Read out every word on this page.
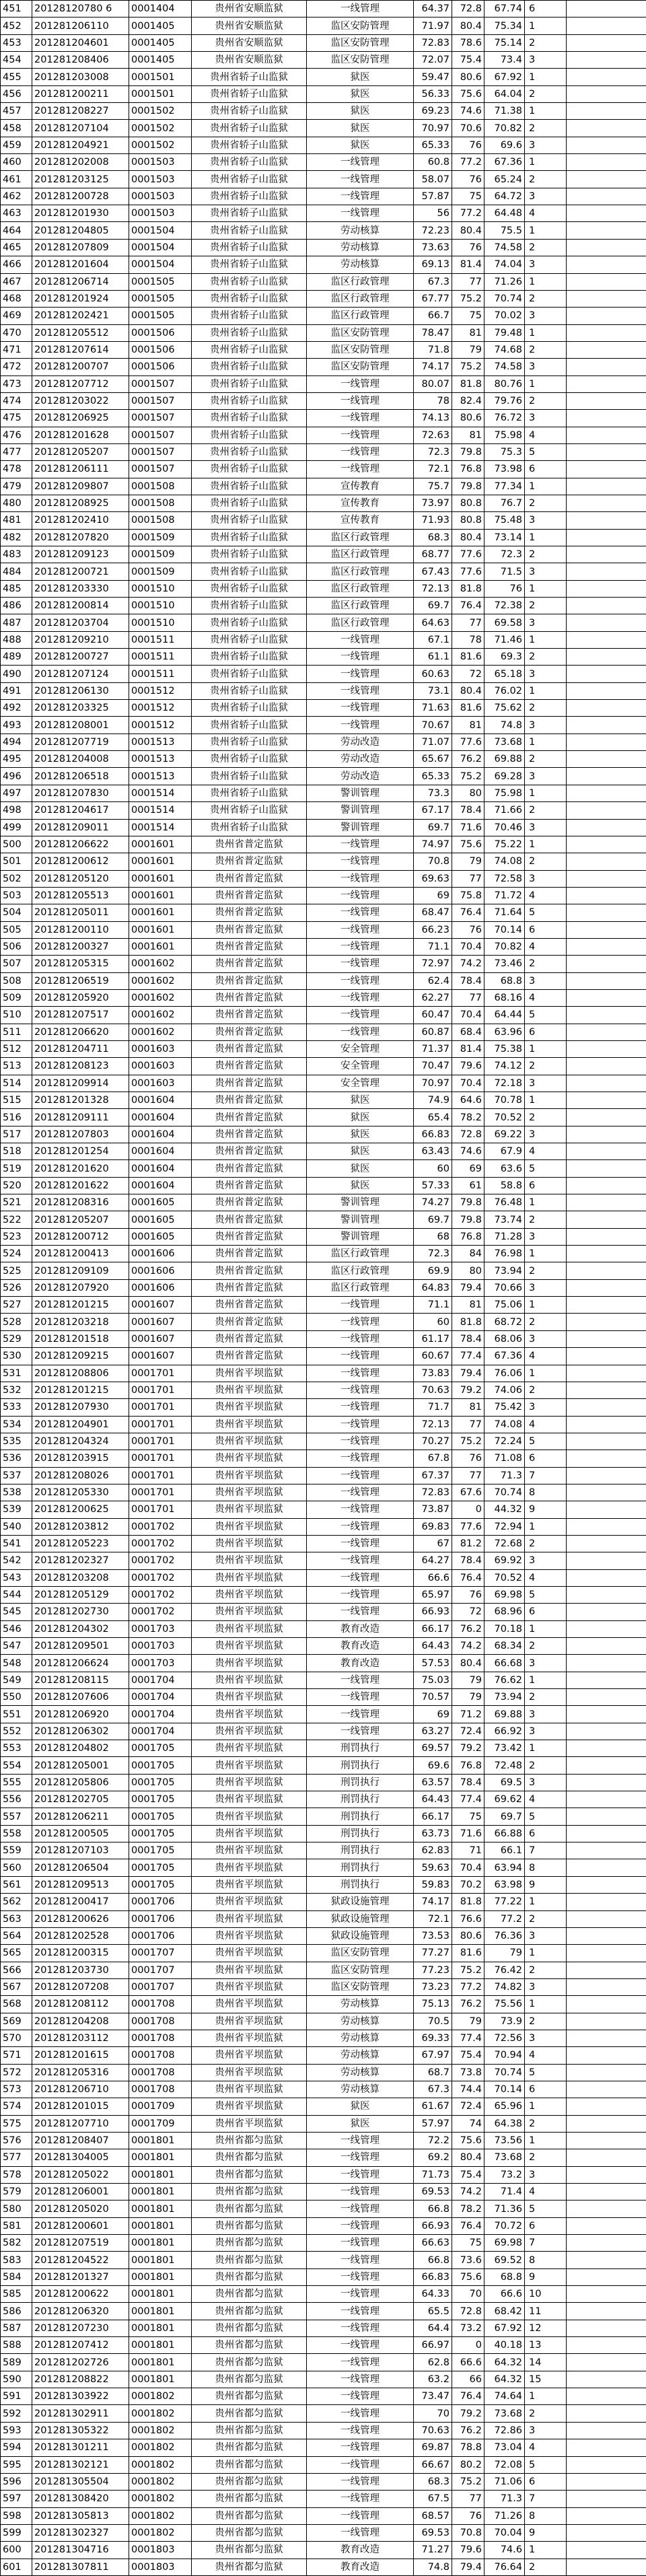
451	20128120780 6	0001404	贵州省安顺监狱	一线管理	64.37	72.8	67.74	6	
452	201281206110	0001405	贵州省安顺监狱	监区安防管理	71.97	80.4	75.34	1	
453	201281204601	0001405	贵州省安顺监狱	监区安防管理	72.83	78.6	75.14	2	
454	201281208406	0001405	贵州省安顺监狱	监区安防管理	72.07	75.4	73.4	3	
455	201281203008	0001501	贵州省轿子山监狱	狱医	59.47	80.6	67.92	1	
456	201281200211	0001501	贵州省轿子山监狱	狱医	56.33	75.6	64.04	2	
457	201281208227	0001502	贵州省轿子山监狱	狱医	69.23	74.6	71.38	1	
458	201281207104	0001502	贵州省轿子山监狱	狱医	70.97	70.6	70.82	2	
459	201281204921	0001502	贵州省轿子山监狱	狱医	65.33	76	69.6	3	
460	201281202008	0001503	贵州省轿子山监狱	一线管理	60.8	77.2	67.36	1	
461	201281203125	0001503	贵州省轿子山监狱	一线管理	58.07	76	65.24	2	
462	201281200728	0001503	贵州省轿子山监狱	一线管理	57.87	75	64.72	3	
463	201281201930	0001503	贵州省轿子山监狱	一线管理	56	77.2	64.48	4	
464	201281204805	0001504	贵州省轿子山监狱	劳动核算	72.23	80.4	75.5	1	
465	201281207809	0001504	贵州省轿子山监狱	劳动核算	73.63	76	74.58	2	
466	201281201604	0001504	贵州省轿子山监狱	劳动核算	69.13	81.4	74.04	3	
467	201281206714	0001505	贵州省轿子山监狱	监区行政管理	67.3	77	71.26	1	
468	201281201924	0001505	贵州省轿子山监狱	监区行政管理	67.77	75.2	70.74	2	
469	201281202421	0001505	贵州省轿子山监狱	监区行政管理	66.7	75	70.02	3	
470	201281205512	0001506	贵州省轿子山监狱	监区安防管理	78.47	81	79.48	1	
471	201281207614	0001506	贵州省轿子山监狱	监区安防管理	71.8	79	74.68	2	
472	201281200707	0001506	贵州省轿子山监狱	监区安防管理	74.17	75.2	74.58	3	
473	201281207712	0001507	贵州省轿子山监狱	一线管理	80.07	81.8	80.76	1	
474	201281203022	0001507	贵州省轿子山监狱	一线管理	78	82.4	79.76	2	
475	201281206925	0001507	贵州省轿子山监狱	一线管理	74.13	80.6	76.72	3	
476	201281201628	0001507	贵州省轿子山监狱	一线管理	72.63	81	75.98	4	
477	201281205207	0001507	贵州省轿子山监狱	一线管理	72.3	79.8	75.3	5	
478	201281206111	0001507	贵州省轿子山监狱	一线管理	72.1	76.8	73.98	6	
479	201281209807	0001508	贵州省轿子山监狱	宣传教育	75.7	79.8	77.34	1	
480	201281208925	0001508	贵州省轿子山监狱	宣传教育	73.97	80.8	76.7	2	
481	201281202410	0001508	贵州省轿子山监狱	宣传教育	71.93	80.8	75.48	3	
482	201281207820	0001509	贵州省轿子山监狱	监区行政管理	68.3	80.4	73.14	1	
483	201281209123	0001509	贵州省轿子山监狱	监区行政管理	68.77	77.6	72.3	2	
484	201281200721	0001509	贵州省轿子山监狱	监区行政管理	67.43	77.6	71.5	3	
485	201281203330	0001510	贵州省轿子山监狱	监区行政管理	72.13	81.8	76	1	
486	201281200814	0001510	贵州省轿子山监狱	监区行政管理	69.7	76.4	72.38	2	
487	201281203704	0001510	贵州省轿子山监狱	监区行政管理	64.63	77	69.58	3	
488	201281209210	0001511	贵州省轿子山监狱	一线管理	67.1	78	71.46	1	
489	201281200727	0001511	贵州省轿子山监狱	一线管理	61.1	81.6	69.3	2	
490	201281207124	0001511	贵州省轿子山监狱	一线管理	60.63	72	65.18	3	
491	201281206130	0001512	贵州省轿子山监狱	一线管理	73.1	80.4	76.02	1	
492	201281203325	0001512	贵州省轿子山监狱	一线管理	71.63	81.6	75.62	2	
493	201281208001	0001512	贵州省轿子山监狱	一线管理	70.67	81	74.8	3	
494	201281207719	0001513	贵州省轿子山监狱	劳动改造	71.07	77.6	73.68	1	
495	201281204008	0001513	贵州省轿子山监狱	劳动改造	65.67	76.2	69.88	2	
496	201281206518	0001513	贵州省轿子山监狱	劳动改造	65.33	75.2	69.28	3	
497	201281207830	0001514	贵州省轿子山监狱	警训管理	73.3	80	75.98	1	
498	201281204617	0001514	贵州省轿子山监狱	警训管理	67.17	78.4	71.66	2	
499	201281209011	0001514	贵州省轿子山监狱	警训管理	69.7	71.6	70.46	3	
500	201281206622	0001601	贵州省普定监狱	一线管理	74.97	75.6	75.22	1	
501	201281200612	0001601	贵州省普定监狱	一线管理	70.8	79	74.08	2	
502	201281205120	0001601	贵州省普定监狱	一线管理	69.63	77	72.58	3	
503	201281205513	0001601	贵州省普定监狱	一线管理	69	75.8	71.72	4	
504	201281205011	0001601	贵州省普定监狱	一线管理	68.47	76.4	71.64	5	
505	201281200110	0001601	贵州省普定监狱	一线管理	66.23	76	70.14	6	
506	201281200327	0001601	贵州省普定监狱	一线管理	71.1	70.4	70.82	4	
507	201281205315	0001602	贵州省普定监狱	一线管理	72.97	74.2	73.46	2	
508	201281206519	0001602	贵州省普定监狱	一线管理	62.4	78.4	68.8	3	
509	201281205920	0001602	贵州省普定监狱	一线管理	62.27	77	68.16	4	
510	201281207517	0001602	贵州省普定监狱	一线管理	60.47	70.4	64.44	5	
511	201281206620	0001602	贵州省普定监狱	一线管理	60.87	68.4	63.96	6	
512	201281204711	0001603	贵州省普定监狱	安全管理	71.37	81.4	75.38	1	
513	201281208123	0001603	贵州省普定监狱	安全管理	70.47	79.6	74.12	2	
514	201281209914	0001603	贵州省普定监狱	安全管理	70.97	70.4	72.18	3	
515	201281201328	0001604	贵州省普定监狱	狱医	74.9	64.6	70.78	1	
516	201281209111	0001604	贵州省普定监狱	狱医	65.4	78.2	70.52	2	
517	201281207803	0001604	贵州省普定监狱	狱医	66.83	72.8	69.22	3	
518	201281201254	0001604	贵州省普定监狱	狱医	63.43	74.6	67.9	4	
519	201281201620	0001604	贵州省普定监狱	狱医	60	69	63.6	5	
520	201281201622	0001604	贵州省普定监狱	狱医	57.33	61	58.8	6	
521	201281208316	0001605	贵州省普定监狱	警训管理	74.27	79.8	76.48	1	
522	201281205207	0001605	贵州省普定监狱	警训管理	69.7	79.8	73.74	2	
523	201281200712	0001605	贵州省普定监狱	警训管理	68	76.8	71.28	3	
524	201281200413	0001606	贵州省普定监狱	监区行政管理	72.3	84	76.98	1	
525	201281209109	0001606	贵州省普定监狱	监区行政管理	69.9	80	73.94	2	
526	201281207920	0001606	贵州省普定监狱	监区行政管理	64.83	79.4	70.66	3	
527	201281201215	0001607	贵州省普定监狱	一线管理	71.1	81	75.06	1	
528	201281203218	0001607	贵州省普定监狱	一线管理	60	81.8	68.72	2	
529	201281201518	0001607	贵州省普定监狱	一线管理	61.17	78.4	68.06	3	
530	201281209215	0001607	贵州省普定监狱	一线管理	60.67	77.4	67.36	4	
531	201281208806	0001701	贵州省平坝监狱	一线管理	73.83	79.4	76.06	1	
532	201281201215	0001701	贵州省平坝监狱	一线管理	70.63	79.2	74.06	2	
533	201281207930	0001701	贵州省平坝监狱	一线管理	71.7	81	75.42	3	
534	201281204901	0001701	贵州省平坝监狱	一线管理	72.13	77	74.08	4	
535	201281204324	0001701	贵州省平坝监狱	一线管理	70.27	75.2	72.24	5	
536	201281203915	0001701	贵州省平坝监狱	一线管理	67.8	76	71.08	6	
537	201281208026	0001701	贵州省平坝监狱	一线管理	67.37	77	71.3	7	
538	201281205330	0001701	贵州省平坝监狱	一线管理	72.83	67.6	70.74	8	
539	201281200625	0001701	贵州省平坝监狱	一线管理	73.87	0	44.32	9	
540	201281203812	0001702	贵州省平坝监狱	一线管理	69.83	77.6	72.94	1	
541	201281205223	0001702	贵州省平坝监狱	一线管理	67	81.2	72.68	2	
542	201281202327	0001702	贵州省平坝监狱	一线管理	64.27	78.4	69.92	3	
543	201281203208	0001702	贵州省平坝监狱	一线管理	66.6	76.4	70.52	4	
544	201281205129	0001702	贵州省平坝监狱	一线管理	65.97	76	69.98	5	
545	201281202730	0001702	贵州省平坝监狱	一线管理	66.93	72	68.96	6	
546	201281204302	0001703	贵州省平坝监狱	教育改造	66.17	76.2	70.18	1	
547	201281209501	0001703	贵州省平坝监狱	教育改造	64.43	74.2	68.34	2	
548	201281206624	0001703	贵州省平坝监狱	教育改造	57.53	80.4	66.68	3	
549	201281208115	0001704	贵州省平坝监狱	一线管理	75.03	79	76.62	1	
550	201281207606	0001704	贵州省平坝监狱	一线管理	70.57	79	73.94	2	
551	201281206920	0001704	贵州省平坝监狱	一线管理	69	71.2	69.88	3	
552	201281206302	0001704	贵州省平坝监狱	一线管理	63.27	72.4	66.92	3	
553	201281204802	0001705	贵州省平坝监狱	刑罚执行	69.57	79.2	73.42	1	
554	201281205001	0001705	贵州省平坝监狱	刑罚执行	69.6	76.8	72.48	2	
555	201281205806	0001705	贵州省平坝监狱	刑罚执行	63.57	78.4	69.5	3	
556	201281202705	0001705	贵州省平坝监狱	刑罚执行	64.43	77.4	69.62	4	
557	201281206211	0001705	贵州省平坝监狱	刑罚执行	66.17	75	69.7	5	
558	201281200505	0001705	贵州省平坝监狱	刑罚执行	63.73	71.6	66.88	6	
559	201281207103	0001705	贵州省平坝监狱	刑罚执行	62.83	71	66.1	7	
560	201281206504	0001705	贵州省平坝监狱	刑罚执行	59.63	70.4	63.94	8	
561	201281209513	0001705	贵州省平坝监狱	刑罚执行	59.83	70.2	63.98	9	
562	201281200417	0001706	贵州省平坝监狱	狱政设施管理	74.17	81.8	77.22	1	
563	201281200626	0001706	贵州省平坝监狱	狱政设施管理	72.1	76.6	77.2	2	
564	201281202528	0001706	贵州省平坝监狱	狱政设施管理	73.53	80.6	76.36	3	
565	201281200315	0001707	贵州省平坝监狱	监区安防管理	77.27	81.6	79	1	
566	201281203730	0001707	贵州省平坝监狱	监区安防管理	77.23	75.2	76.42	2	
567	201281207208	0001707	贵州省平坝监狱	监区安防管理	73.23	77.2	74.82	3	
568	201281208112	0001708	贵州省平坝监狱	劳动核算	75.13	76.2	75.56	1	
569	201281204208	0001708	贵州省平坝监狱	劳动核算	70.5	79	73.9	2	
570	201281203112	0001708	贵州省平坝监狱	劳动核算	69.33	77.4	72.56	3	
571	201281201615	0001708	贵州省平坝监狱	劳动核算	67.97	75.4	70.94	4	
572	201281205316	0001708	贵州省平坝监狱	劳动核算	68.7	73.8	70.74	5	
573	201281206710	0001708	贵州省平坝监狱	劳动核算	67.3	74.4	70.14	6	
574	201281201015	0001709	贵州省平坝监狱	狱医	61.67	72.4	65.96	1	
575	201281207710	0001709	贵州省平坝监狱	狱医	57.97	74	64.38	2	
576	201281208407	0001801	贵州省都匀监狱	一线管理	72.2	75.6	73.56	1	
577	201281304005	0001801	贵州省都匀监狱	一线管理	69.2	80.4	73.68	2	
578	201281205022	0001801	贵州省都匀监狱	一线管理	71.73	75.4	73.2	3	
579	201281206001	0001801	贵州省都匀监狱	一线管理	69.53	74.2	71.4	4	
580	201281205020	0001801	贵州省都匀监狱	一线管理	66.8	78.2	71.36	5	
581	201281200601	0001801	贵州省都匀监狱	一线管理	66.93	76.4	70.72	6	
582	201281207519	0001801	贵州省都匀监狱	一线管理	66.63	75	69.98	7	
583	201281204522	0001801	贵州省都匀监狱	一线管理	66.8	73.6	69.52	8	
584	201281201327	0001801	贵州省都匀监狱	一线管理	66.83	75.6	68.8	9	
585	201281200622	0001801	贵州省都匀监狱	一线管理	64.33	70	66.6	10	
586	201281206320	0001801	贵州省都匀监狱	一线管理	65.5	72.8	68.42	11	
587	201281207230	0001801	贵州省都匀监狱	一线管理	64.4	73.2	67.92	12	
588	201281207412	0001801	贵州省都匀监狱	一线管理	66.97	0	40.18	13	
589	201281202726	0001801	贵州省都匀监狱	一线管理	62.8	66.6	64.32	14	
590	201281208822	0001801	贵州省都匀监狱	一线管理	63.2	66	64.32	15	
591	201281303922	0001802	贵州省都匀监狱	一线管理	73.47	76.4	74.64	1	
592	201281302911	0001802	贵州省都匀监狱	一线管理	70	79.2	73.68	2	
593	201281305322	0001802	贵州省都匀监狱	一线管理	70.63	76.2	72.86	3	
594	201281301211	0001802	贵州省都匀监狱	一线管理	69.87	78.8	73.04	4	
595	201281302121	0001802	贵州省都匀监狱	一线管理	66.67	80.2	72.08	5	
596	201281305504	0001802	贵州省都匀监狱	一线管理	68.3	75.2	71.06	6	
597	201281308420	0001802	贵州省都匀监狱	一线管理	67.5	77	71.3	7	
598	201281305813	0001802	贵州省都匀监狱	一线管理	68.57	76	71.26	8	
599	201281302327	0001802	贵州省都匀监狱	一线管理	69.53	70.8	70.04	9	
600	201281304716	0001803	贵州省都匀监狱	教育改造	71.27	79.6	74.6	1	
601	201281307811	0001803	贵州省都匀监狱	教育改造	74.8	79.4	76.64	2	
